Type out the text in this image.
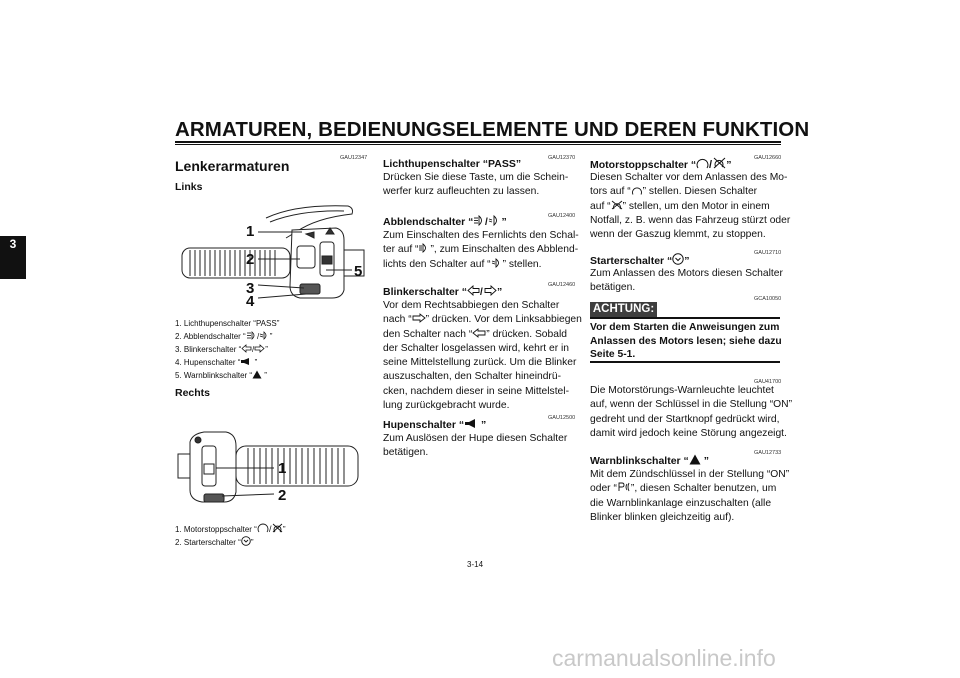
ARMATUREN, BEDIENUNGSELEMENTE UND DEREN FUNKTION
3
GAU12347
Lenkerarmaturen
Links
1
2
3
4
5
1. Lichthupenschalter “PASS”
2. Abblendschalter “ / ”
3. Blinkerschalter “ / ”
4. Hupenschalter “ ”
5. Warnblinkschalter “ ”
Rechts
1
2
1. Motorstoppschalter “ / ”
2. Starterschalter “ ”
GAU12370
Lichthupenschalter “PASS”
Drücken Sie diese Taste, um die Schein-
werfer kurz aufleuchten zu lassen.
GAU12400
Abblendschalter “ / ”
Zum Einschalten des Fernlichts den Schal-
ter auf “ ”, zum Einschalten des Abblend-
lichts den Schalter auf “ ” stellen.
GAU12460
Blinkerschalter “ / ”
Vor dem Rechtsabbiegen den Schalter
nach “ ” drücken. Vor dem Linksabbiegen
den Schalter nach “ ” drücken. Sobald
der Schalter losgelassen wird, kehrt er in
seine Mittelstellung zurück. Um die Blinker
auszuschalten, den Schalter hineindrü-
cken, nachdem dieser in seine Mittelstel-
lung zurückgebracht wurde.
GAU12500
Hupenschalter “ ”
Zum Auslösen der Hupe diesen Schalter
betätigen.
GAU12660
Motorstoppschalter “ / ”
Diesen Schalter vor dem Anlassen des Mo-
tors auf “ ” stellen. Diesen Schalter
auf “ ” stellen, um den Motor in einem
Notfall, z. B. wenn das Fahrzeug stürzt oder
wenn der Gaszug klemmt, zu stoppen.
GAU12710
Starterschalter “ ”
Zum Anlassen des Motors diesen Schalter
betätigen.
GCA10050
ACHTUNG:
Vor dem Starten die Anweisungen zum
Anlassen des Motors lesen; siehe dazu
Seite 5-1.
GAU41700
Die Motorstörungs-Warnleuchte leuchtet
auf, wenn der Schlüssel in die Stellung “ON”
gedreht und der Startknopf gedrückt wird,
damit wird jedoch keine Störung angezeigt.
GAU12733
Warnblinkschalter “ ”
Mit dem Zündschlüssel in der Stellung “ON”
oder “ ”, diesen Schalter benutzen, um
die Warnblinkanlage einzuschalten (alle
Blinker blinken gleichzeitig auf).
3-14
carmanualsonline.info
